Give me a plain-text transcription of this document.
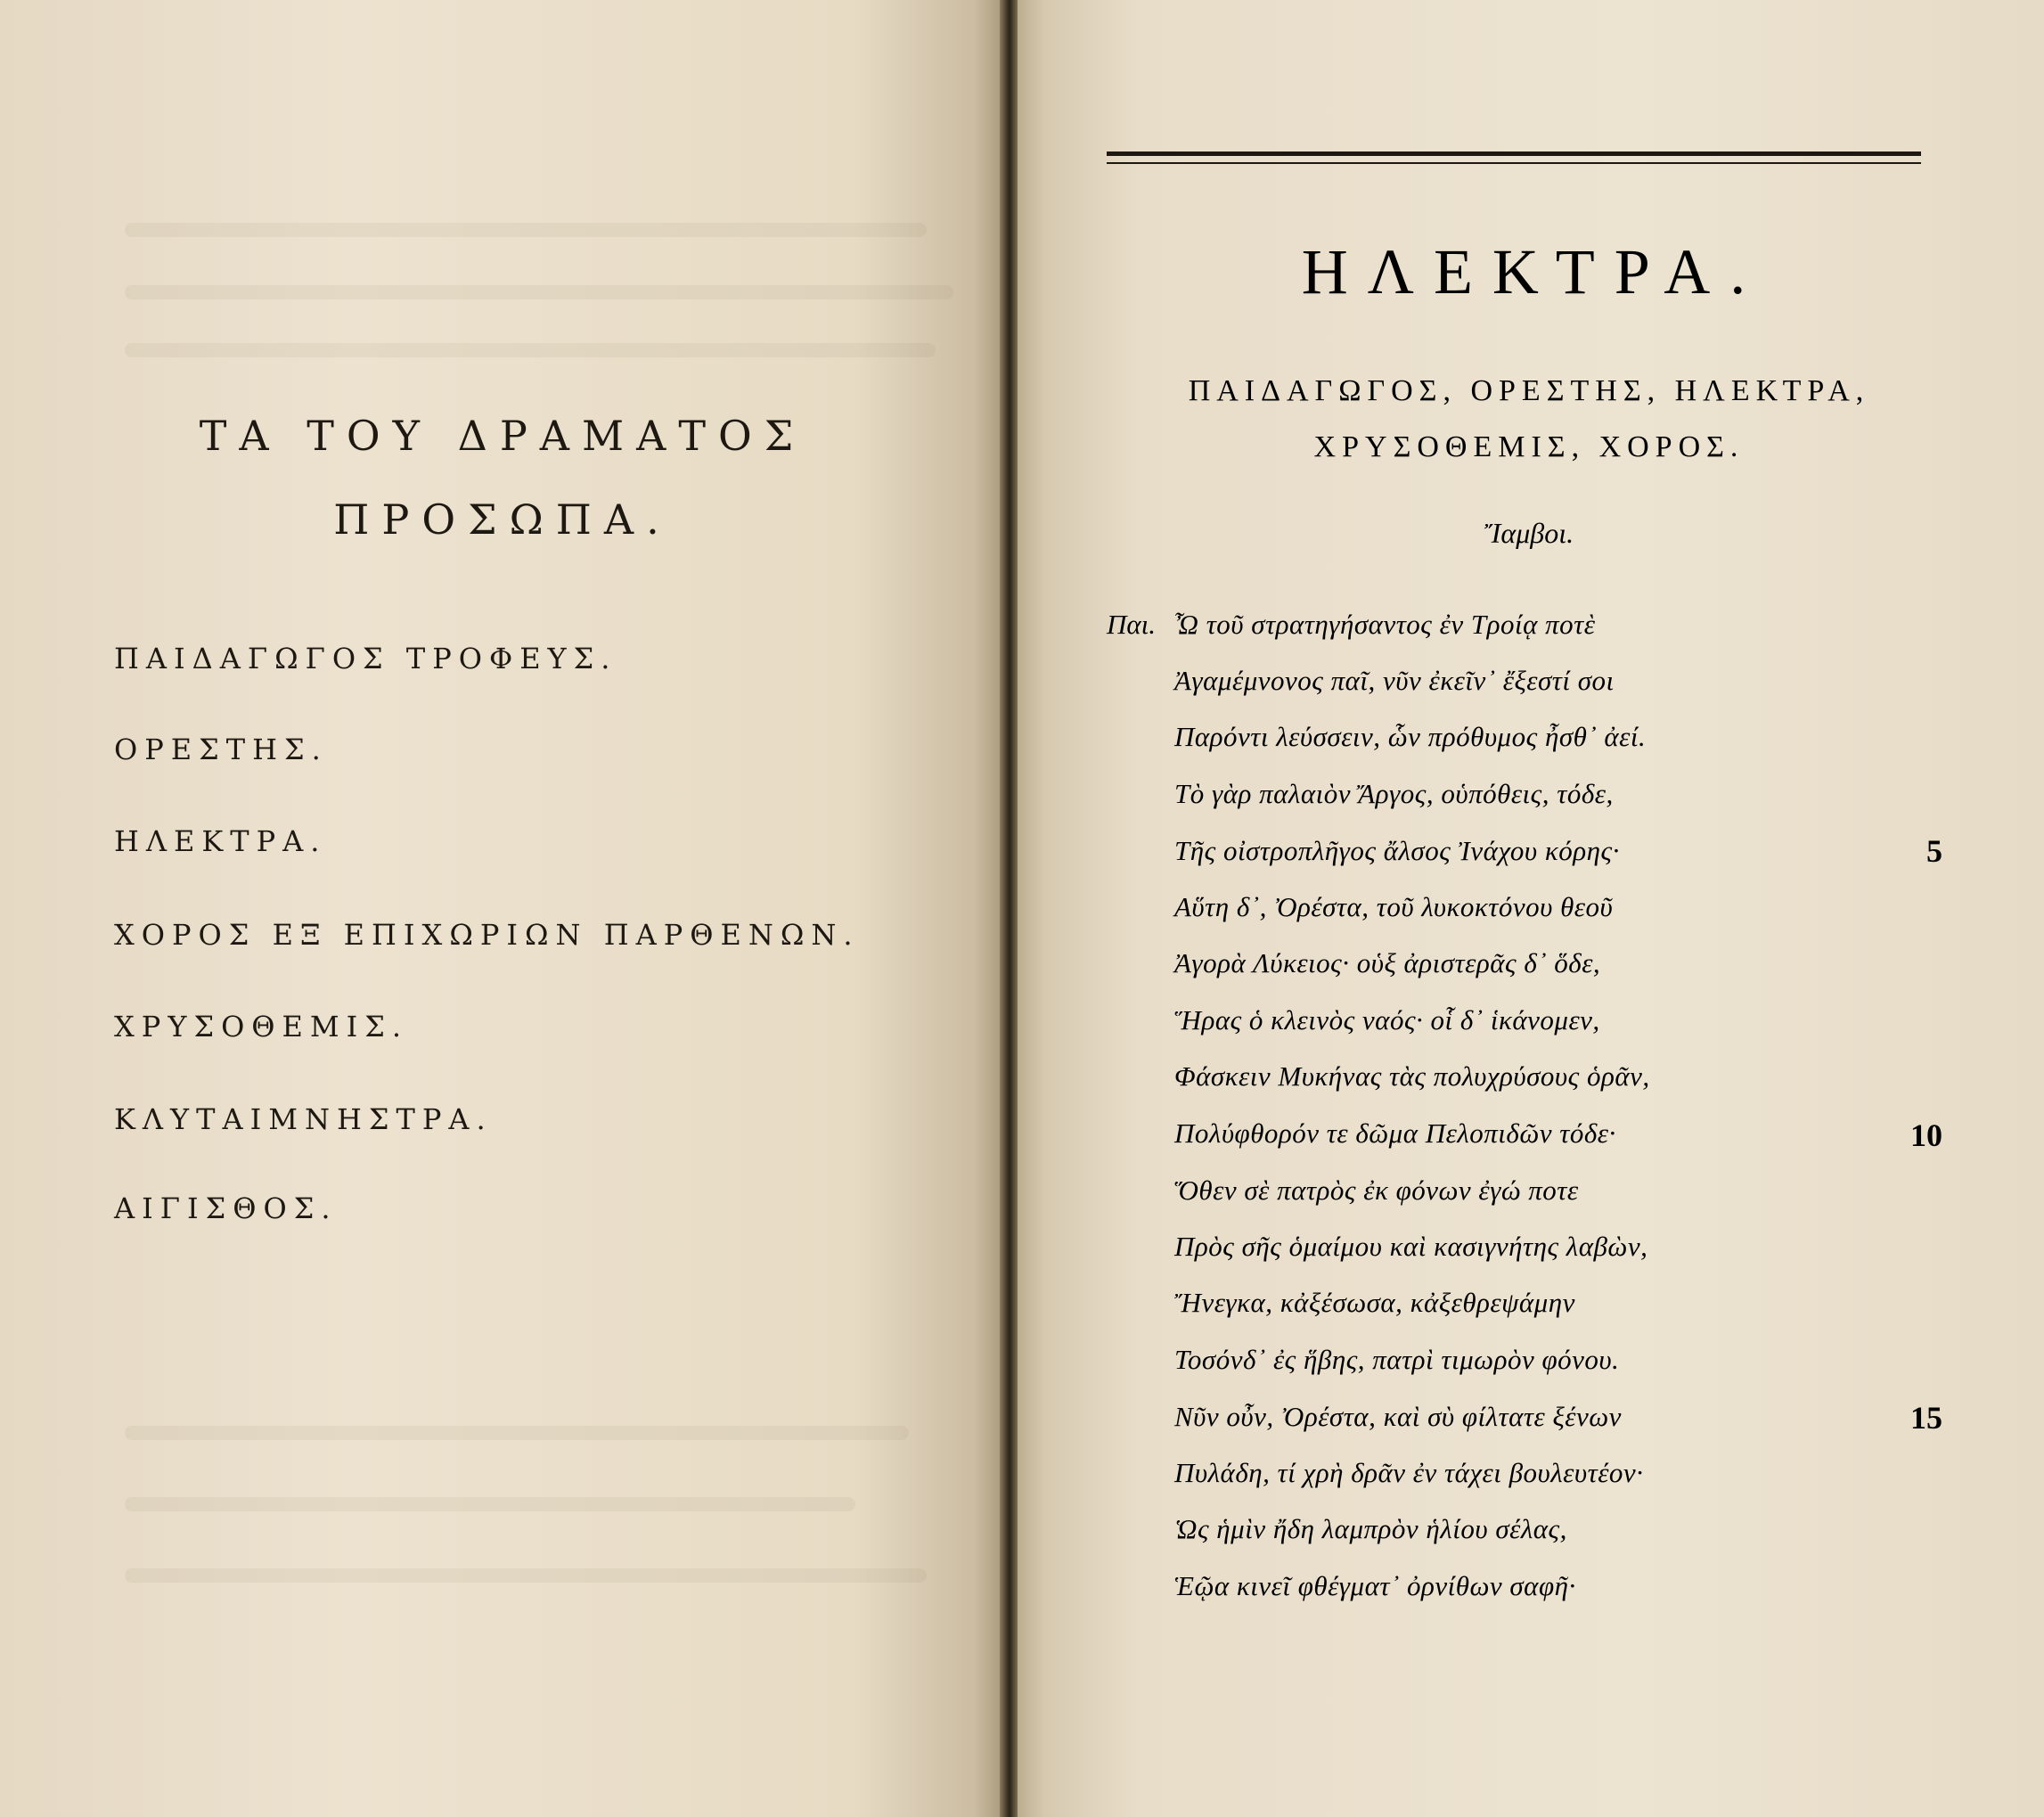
ΤΑ ΤΟΥ ΔΡΑΜΑΤΟΣ
ΠΡΟΣΩΠΑ.
ΠΑΙΔΑΓΩΓΟΣ ΤΡΟΦΕΥΣ.
ΟΡΕΣΤΗΣ.
ΗΛΕΚΤΡΑ.
ΧΟΡΟΣ ΕΞ ΕΠΙΧΩΡΙΩΝ ΠΑΡΘΕΝΩΝ.
ΧΡΥΣΟΘΕΜΙΣ.
ΚΛΥΤΑΙΜΝΗΣΤΡΑ.
ΑΙΓΙΣΘΟΣ.
ΗΛΕΚΤΡΑ.
ΠΑΙΔΑΓΩΓΟΣ, ΟΡΕΣΤΗΣ, ΗΛΕΚΤΡΑ,
ΧΡΥΣΟΘΕΜΙΣ, ΧΟΡΟΣ.
Ἴαμβοι.
Παι. Ὦ τοῦ στρατηγήσαντος ἐν Τροίᾳ ποτὲ
Ἀγαμέμνονος παῖ, νῦν ἐκεῖν᾽ ἔξεστί σοι
Παρόντι λεύσσειν, ὧν πρόθυμος ἦσθ᾽ ἀεί.
Τὸ γὰρ παλαιὸν Ἄργος, οὑπόθεις, τόδε,
Τῆς οἰστροπλῆγος ἄλσος Ἰνάχου κόρης·
Αὕτη δ᾽, Ὀρέστα, τοῦ λυκοκτόνου θεοῦ
Ἀγορὰ Λύκειος· οὑξ ἀριστερᾶς δ᾽ ὅδε,
Ἥρας ὁ κλεινὸς ναός· οἷ δ᾽ ἱκάνομεν,
Φάσκειν Μυκήνας τὰς πολυχρύσους ὁρᾶν,
Πολύφθορόν τε δῶμα Πελοπιδῶν τόδε·
Ὅθεν σὲ πατρὸς ἐκ φόνων ἐγώ ποτε
Πρὸς σῆς ὁμαίμου καὶ κασιγνήτης λαβὼν,
Ἤνεγκα, κἀξέσωσα, κἀξεθρεψάμην
Τοσόνδ᾽ ἐς ἥβης, πατρὶ τιμωρὸν φόνου.
Νῦν οὖν, Ὀρέστα, καὶ σὺ φίλτατε ξένων
Πυλάδη, τί χρὴ δρᾶν ἐν τάχει βουλευτέον·
Ὡς ἡμὶν ἤδη λαμπρὸν ἡλίου σέλας,
Ἑῷα κινεῖ φθέγματ᾽ ὀρνίθων σαφῆ·
5
10
15
